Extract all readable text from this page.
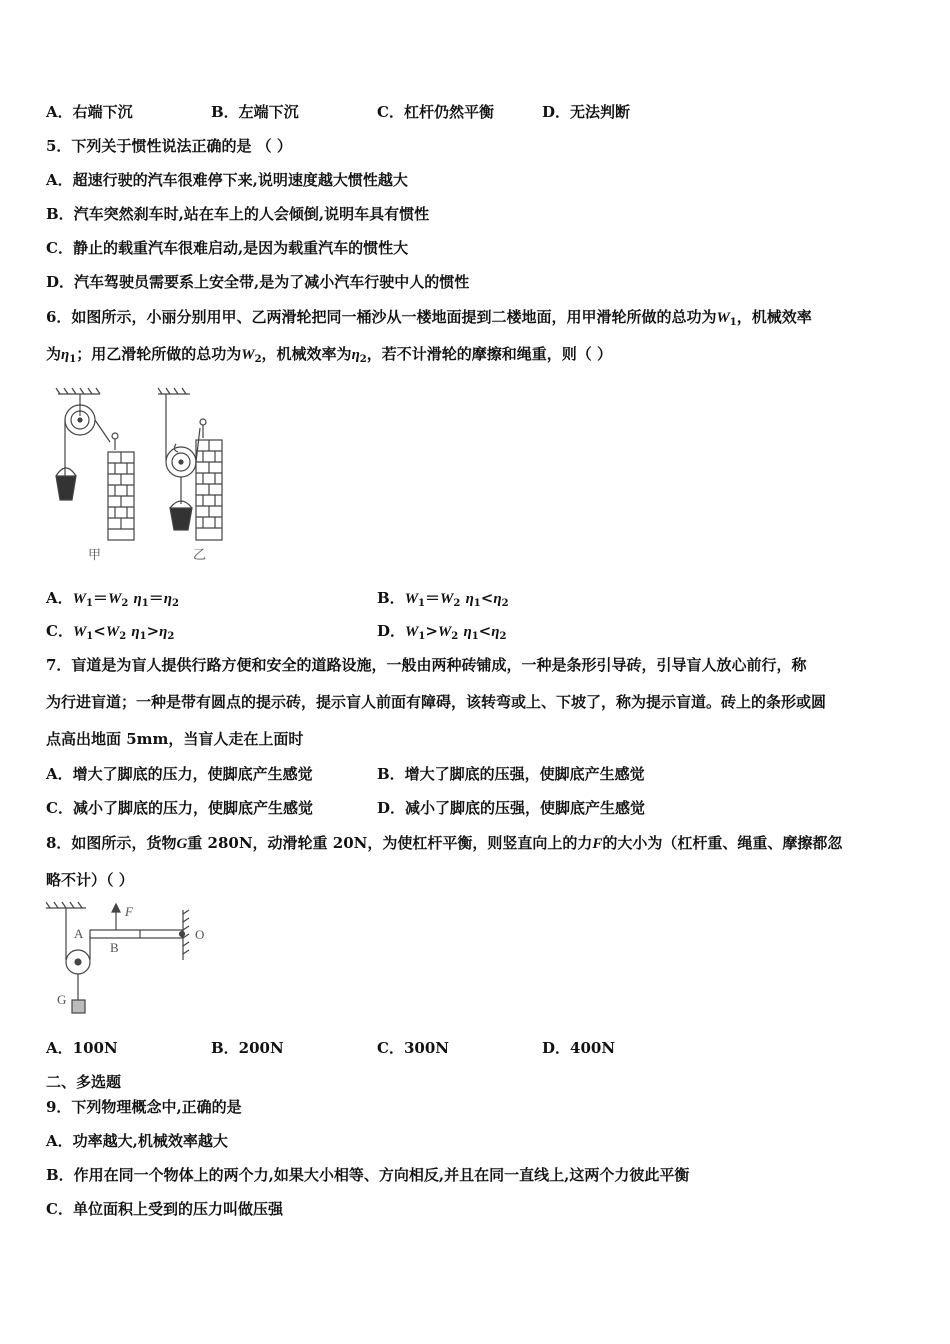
A．右端下沉	B．左端下沉	C．杠杆仍然平衡	D．无法判断
5．下列关于惯性说法正确的是 （ ）
A．超速行驶的汽车很难停下来,说明速度越大惯性越大
B．汽车突然刹车时,站在车上的人会倾倒,说明车具有惯性
C．静止的载重汽车很难启动,是因为载重汽车的惯性大
D．汽车驾驶员需要系上安全带,是为了减小汽车行驶中人的惯性
6．如图所示，小丽分别用甲、乙两滑轮把同一桶沙从一楼地面提到二楼地面，用甲滑轮所做的总功为$W_1$，机械效率
为$\eta_1$；用乙滑轮所做的总功为$W_2$，机械效率为$\eta_2$，若不计滑轮的摩擦和绳重，则（ ）
甲	乙
A．$W_1=W_2$ $\eta_1=\eta_2$	B．$W_1=W_2$ $\eta_1<\eta_2$
C．$W_1<W_2$ $\eta_1>\eta_2$	D．$W_1>W_2$ $\eta_1<\eta_2$
7．盲道是为盲人提供行路方便和安全的道路设施，一般由两种砖铺成，一种是条形引导砖，引导盲人放心前行，称
为行进盲道；一种是带有圆点的提示砖，提示盲人前面有障碍，该转弯或上、下坡了，称为提示盲道。砖上的条形或圆
点高出地面 5mm，当盲人走在上面时
A．增大了脚底的压力，使脚底产生感觉	B．增大了脚底的压强，使脚底产生感觉
C．减小了脚底的压力，使脚底产生感觉	D．减小了脚底的压强，使脚底产生感觉
8．如图所示，货物G重 280N，动滑轮重 20N，为使杠杆平衡，则竖直向上的力F的大小为（杠杆重、绳重、摩擦都忽
略不计）（ ）
A
B
O
G
F
A．100N	B．200N	C．300N	D．400N
二、多选题
9．下列物理概念中,正确的是
A．功率越大,机械效率越大
B．作用在同一个物体上的两个力,如果大小相等、方向相反,并且在同一直线上,这两个力彼此平衡
C．单位面积上受到的压力叫做压强
